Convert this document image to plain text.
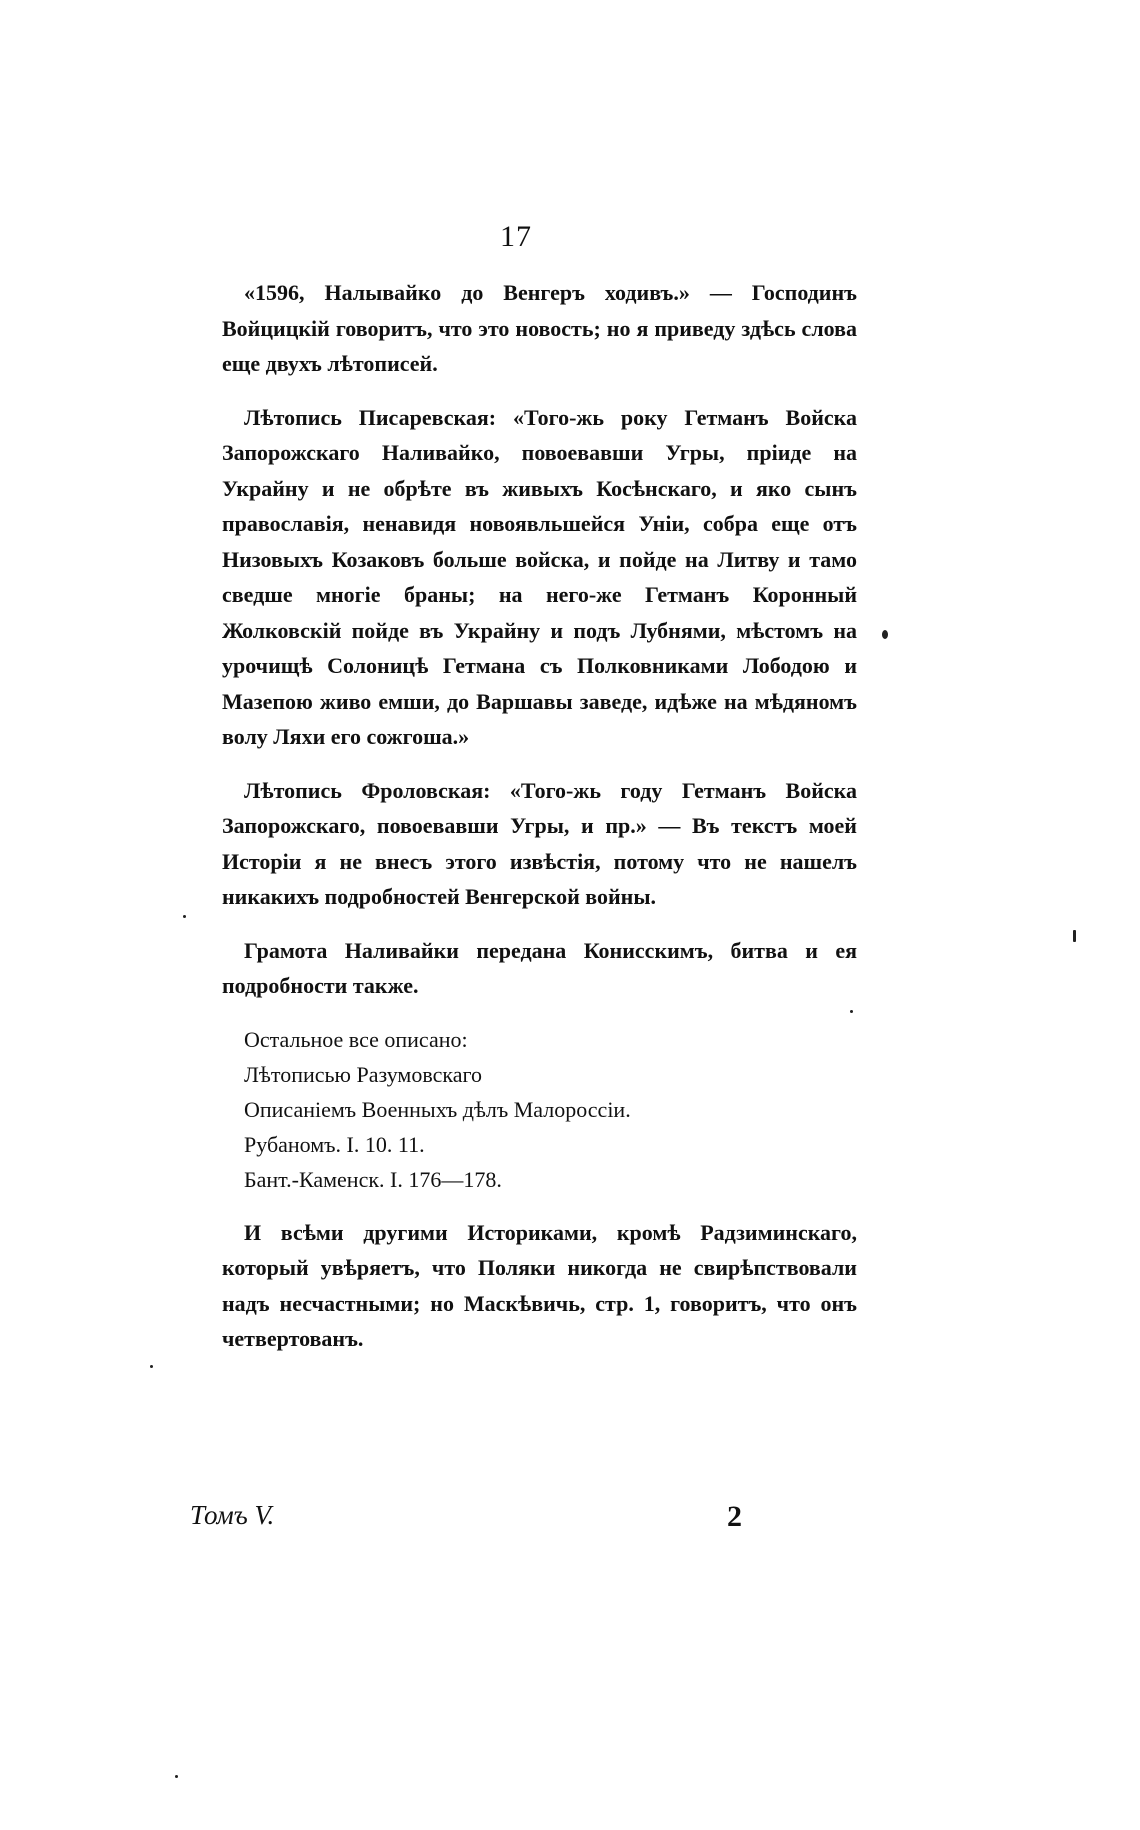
17

«1596, Налывайко до Венгеръ ходивъ.» — Господинъ Войцицкій говоритъ, что это новость; но я приведу здѣсь слова еще двухъ лѣтописей.

Лѣтопись Писаревская: «Того-жь року Гетманъ Войска Запорожскаго Наливайко, повоевавши Угры, пріиде на Украйну и не обрѣте въ живыхъ Косѣнскаго, и яко сынъ православія, ненавидя новоявльшейся Уніи, собра еще отъ Низовыхъ Козаковъ больше войска, и пойде на Литву и тамо сведше многіе браны; на него-же Гетманъ Коронный Жолковскій пойде въ Украйну и подъ Лубнями, мѣстомъ на урочищѣ Солоницѣ Гетмана съ Полковниками Лободою и Мазепою живо емши, до Варшавы заведе, идѣже на мѣдяномъ волу Ляхи его сожгоша.»

Лѣтопись Фроловская: «Того-жь году Гетманъ Войска Запорожскаго, повоевавши Угры, и пр.» — Въ текстъ моей Исторіи я не внесъ этого извѣстія, потому что не нашелъ никакихъ подробностей Венгерской войны.

Грамота Наливайки передана Конисскимъ, битва и ея подробности также.

Остальное все описано:
Лѣтописью Разумовскаго
Описаніемъ Военныхъ дѣлъ Малороссіи.
Рубаномъ. I. 10. 11.
Бант.-Каменск. I. 176—178.

И всѣми другими Историками, кромѣ Радзиминскаго, который увѣряетъ, что Поляки никогда не свирѣпствовали надъ несчастными; но Маскѣвичь, стр. 1, говоритъ, что онъ четвертованъ.

Томъ V.	2
